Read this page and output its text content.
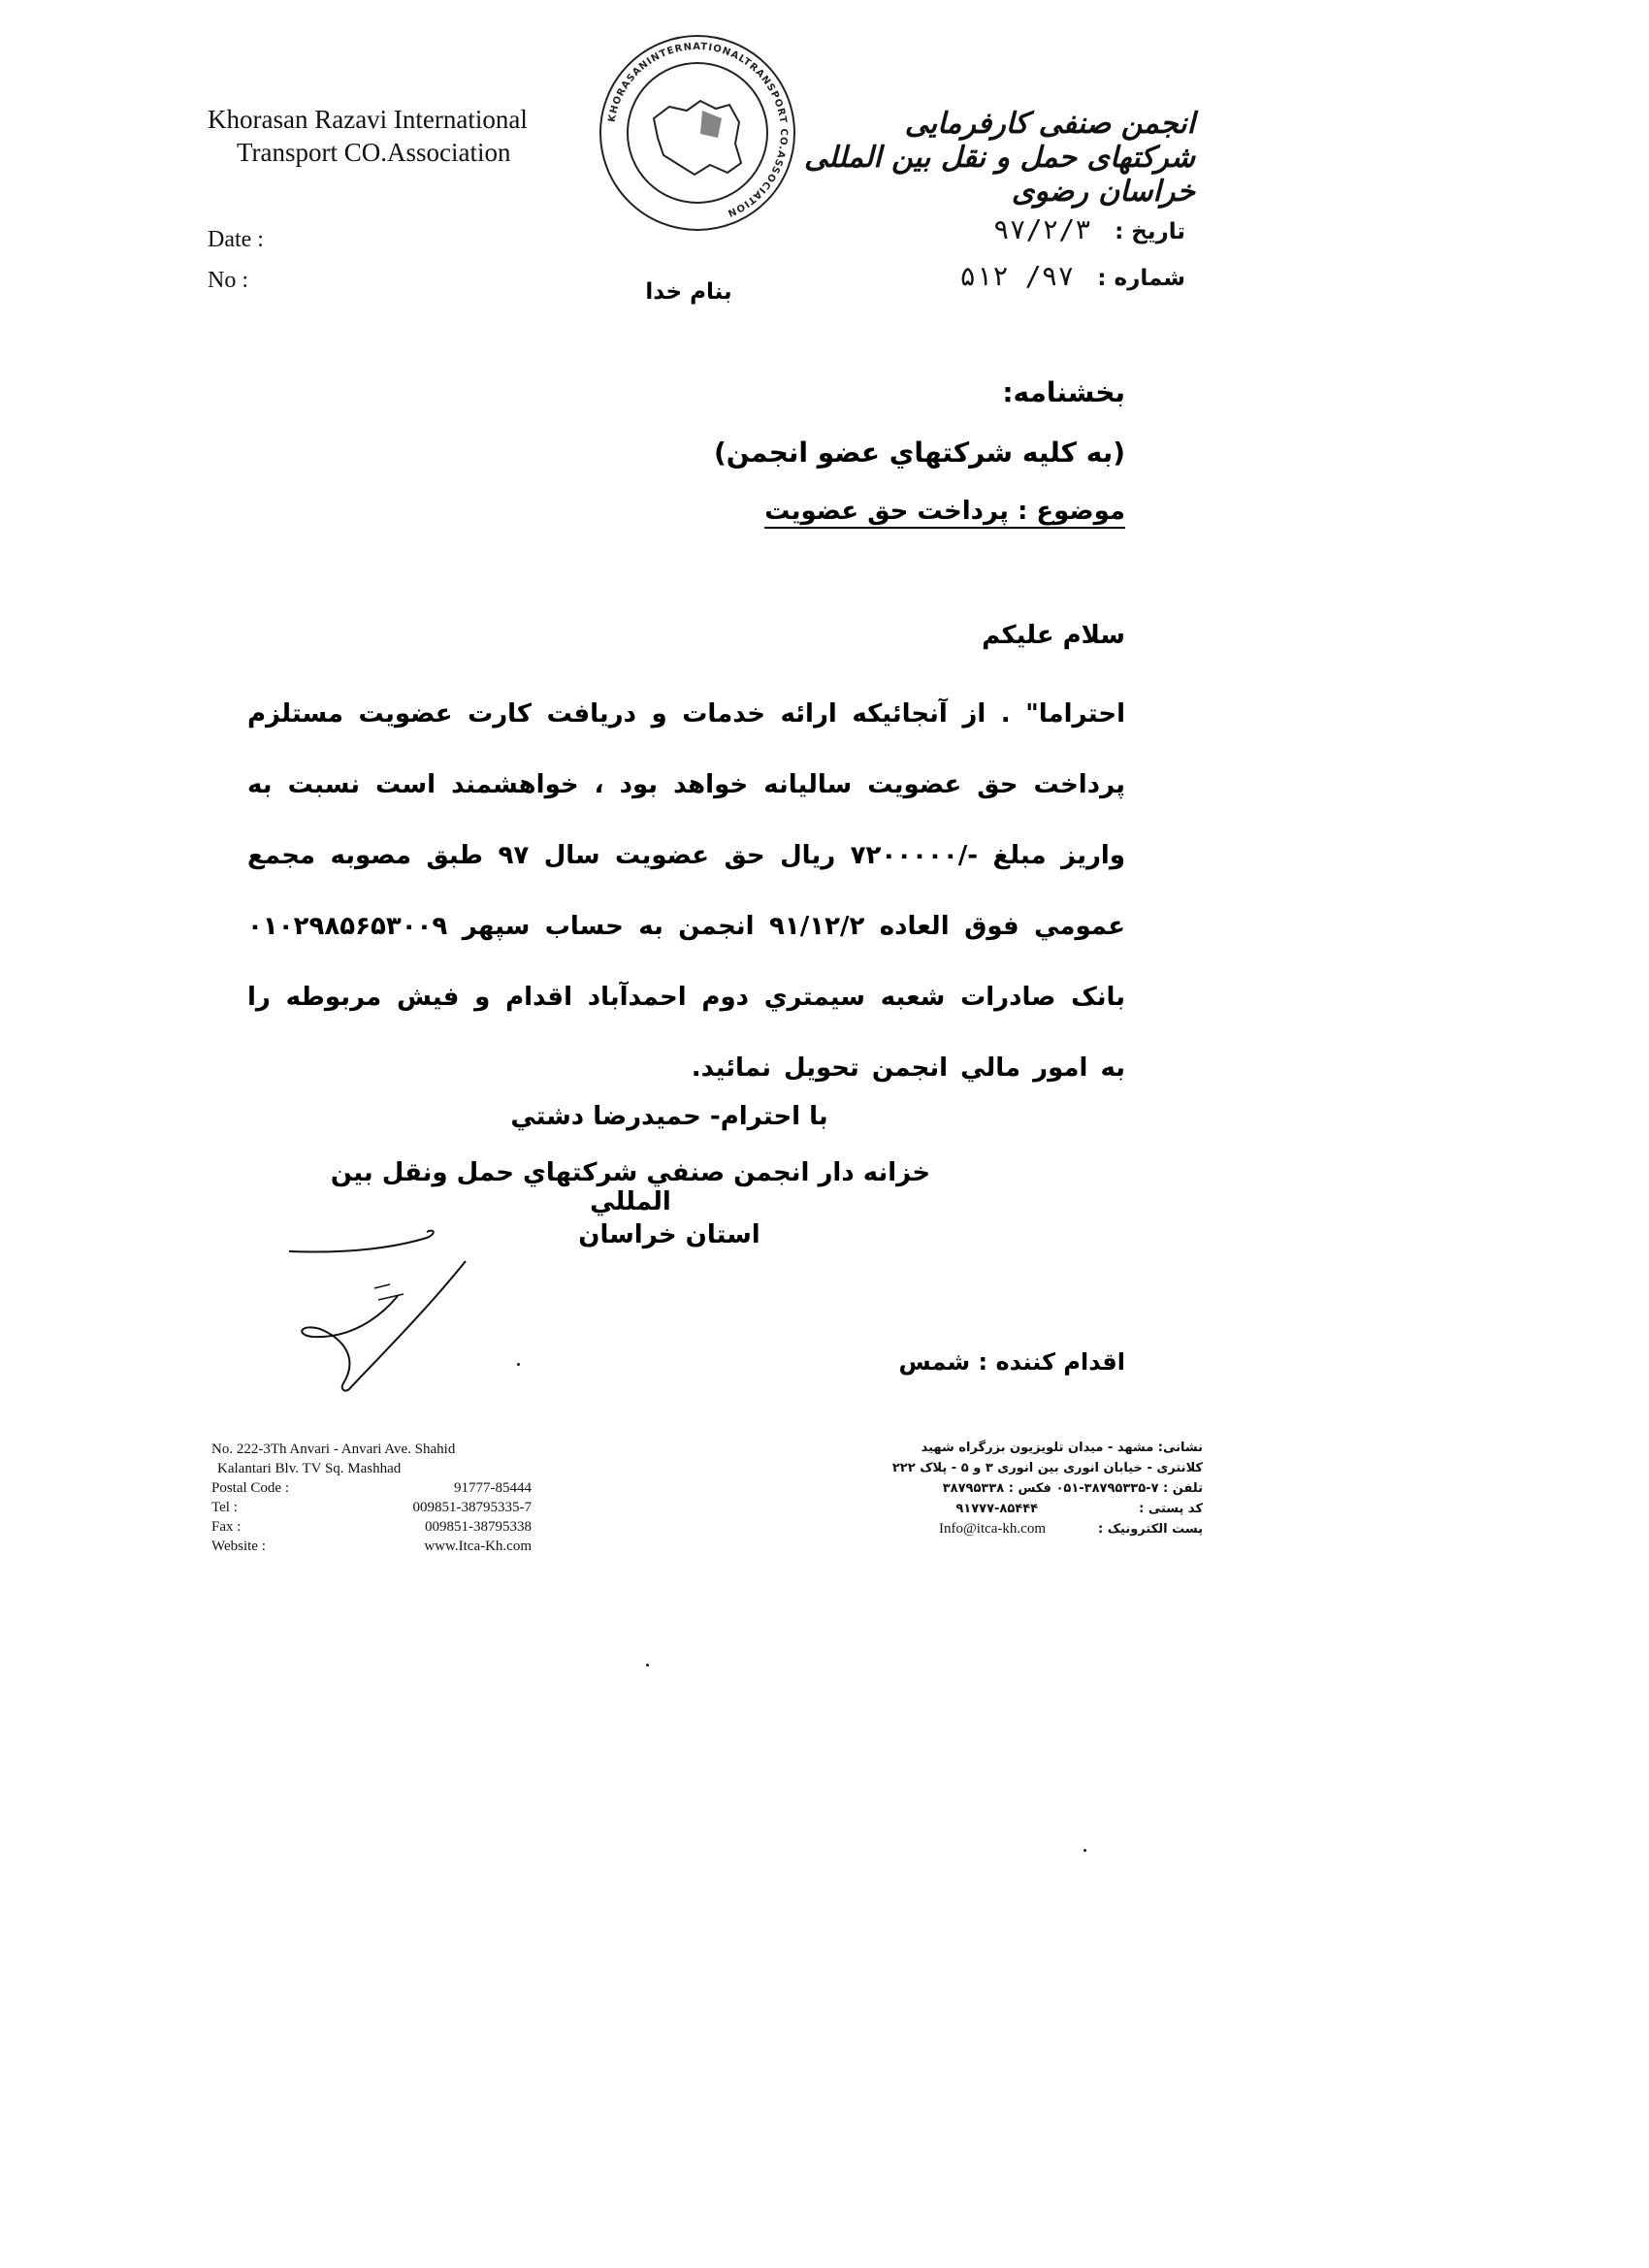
Khorasan Razavi International
Transport CO.Association
KHORASANINTERNATIONALTRANSPORT CO.ASSOCIATION
انجمن صنفی کارفرمایی شرکتهای حمل و نقل بین المللی خراسان رضوی
Date :
No :
تاریخ : ۹۷/۲/۳
شماره : ۹۷/ ۵۱۲
بنام خدا
بخشنامه:
(به کلیه شرکتهاي عضو انجمن)
موضوع : پرداخت حق عضویت
سلام علیکم
احتراما" . از آنجائیکه ارائه خدمات و دریافت کارت عضویت مستلزم پرداخت حق عضویت سالیانه خواهد بود ، خواهشمند است نسبت به واریز مبلغ -/۷۲۰۰۰۰۰ ریال حق عضویت سال ۹۷ طبق مصوبه مجمع عمومي فوق العاده ۹۱/۱۲/۲ انجمن به حساب سپهر ۰۱۰۲۹۸۵۶۵۳۰۰۹ بانک صادرات شعبه سیمتري دوم احمدآباد اقدام و فیش مربوطه را به امور مالي انجمن تحویل نمائید.
با احترام- حمیدرضا دشتي
خزانه دار انجمن صنفي شرکتهاي حمل ونقل بین المللي
استان خراسان
اقدام کننده : شمس
No. 222-3Th Anvari - Anvari Ave. Shahid
Kalantari Blv. TV Sq. Mashhad
Postal Code :	91777-85444
Tel :	009851-38795335-7
Fax :	009851-38795338
Website :	www.Itca-Kh.com
نشانی: مشهد - میدان تلویزیون بزرگراه شهید
کلانتری - خیابان انوری بین انوری ۳ و ۵ - پلاک ۲۲۲
تلفن : ۷-۳۸۷۹۵۳۳۵-۰۵۱ فکس : ۳۸۷۹۵۳۳۸
کد پستی :
۹۱۷۷۷-۸۵۴۴۴
پست الکترونیک :
Info@itca-kh.com
